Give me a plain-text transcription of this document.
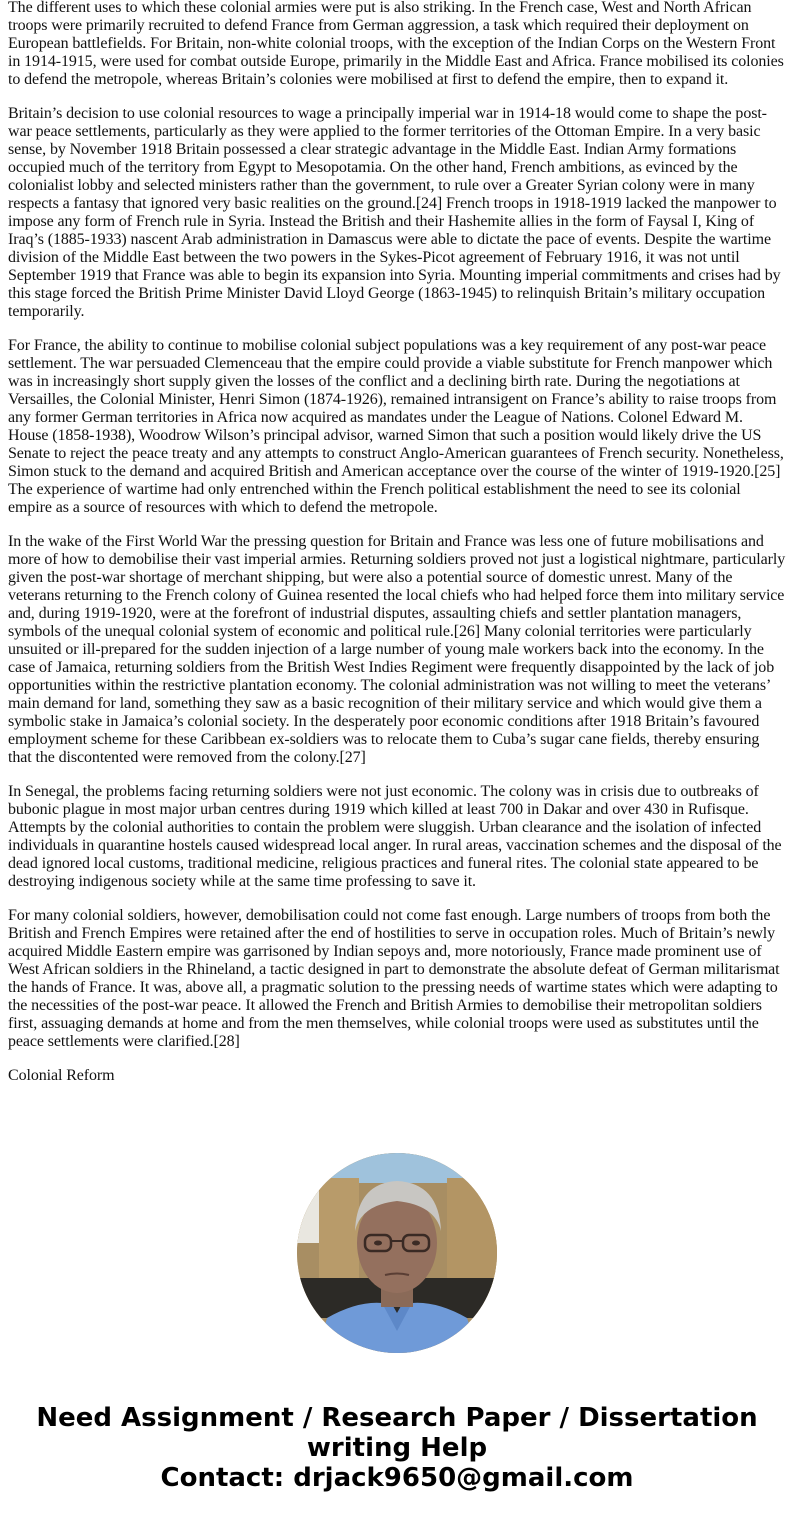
The different uses to which these colonial armies were put is also striking. In the French case, West and North African troops were primarily recruited to defend France from German aggression, a task which required their deployment on European battlefields. For Britain, non-white colonial troops, with the exception of the Indian Corps on the Western Front in 1914-1915, were used for combat outside Europe, primarily in the Middle East and Africa. France mobilised its colonies to defend the metropole, whereas Britain’s colonies were mobilised at first to defend the empire, then to expand it.

Britain’s decision to use colonial resources to wage a principally imperial war in 1914-18 would come to shape the post-war peace settlements, particularly as they were applied to the former territories of the Ottoman Empire. In a very basic sense, by November 1918 Britain possessed a clear strategic advantage in the Middle East. Indian Army formations occupied much of the territory from Egypt to Mesopotamia. On the other hand, French ambitions, as evinced by the colonialist lobby and selected ministers rather than the government, to rule over a Greater Syrian colony were in many respects a fantasy that ignored very basic realities on the ground.[24] French troops in 1918-1919 lacked the manpower to impose any form of French rule in Syria. Instead the British and their Hashemite allies in the form of Faysal I, King of Iraq’s (1885-1933) nascent Arab administration in Damascus were able to dictate the pace of events. Despite the wartime division of the Middle East between the two powers in the Sykes-Picot agreement of February 1916, it was not until September 1919 that France was able to begin its expansion into Syria. Mounting imperial commitments and crises had by this stage forced the British Prime Minister David Lloyd George (1863-1945) to relinquish Britain’s military occupation temporarily.

For France, the ability to continue to mobilise colonial subject populations was a key requirement of any post-war peace settlement. The war persuaded Clemenceau that the empire could provide a viable substitute for French manpower which was in increasingly short supply given the losses of the conflict and a declining birth rate. During the negotiations at Versailles, the Colonial Minister, Henri Simon (1874-1926), remained intransigent on France’s ability to raise troops from any former German territories in Africa now acquired as mandates under the League of Nations. Colonel Edward M. House (1858-1938), Woodrow Wilson’s principal advisor, warned Simon that such a position would likely drive the US Senate to reject the peace treaty and any attempts to construct Anglo-American guarantees of French security. Nonetheless, Simon stuck to the demand and acquired British and American acceptance over the course of the winter of 1919-1920.[25] The experience of wartime had only entrenched within the French political establishment the need to see its colonial empire as a source of resources with which to defend the metropole.

In the wake of the First World War the pressing question for Britain and France was less one of future mobilisations and more of how to demobilise their vast imperial armies. Returning soldiers proved not just a logistical nightmare, particularly given the post-war shortage of merchant shipping, but were also a potential source of domestic unrest. Many of the veterans returning to the French colony of Guinea resented the local chiefs who had helped force them into military service and, during 1919-1920, were at the forefront of industrial disputes, assaulting chiefs and settler plantation managers, symbols of the unequal colonial system of economic and political rule.[26] Many colonial territories were particularly unsuited or ill-prepared for the sudden injection of a large number of young male workers back into the economy. In the case of Jamaica, returning soldiers from the British West Indies Regiment were frequently disappointed by the lack of job opportunities within the restrictive plantation economy. The colonial administration was not willing to meet the veterans’ main demand for land, something they saw as a basic recognition of their military service and which would give them a symbolic stake in Jamaica’s colonial society. In the desperately poor economic conditions after 1918 Britain’s favoured employment scheme for these Caribbean ex-soldiers was to relocate them to Cuba’s sugar cane fields, thereby ensuring that the discontented were removed from the colony.[27]

In Senegal, the problems facing returning soldiers were not just economic. The colony was in crisis due to outbreaks of bubonic plague in most major urban centres during 1919 which killed at least 700 in Dakar and over 430 in Rufisque. Attempts by the colonial authorities to contain the problem were sluggish. Urban clearance and the isolation of infected individuals in quarantine hostels caused widespread local anger. In rural areas, vaccination schemes and the disposal of the dead ignored local customs, traditional medicine, religious practices and funeral rites. The colonial state appeared to be destroying indigenous society while at the same time professing to save it.

For many colonial soldiers, however, demobilisation could not come fast enough. Large numbers of troops from both the British and French Empires were retained after the end of hostilities to serve in occupation roles. Much of Britain’s newly acquired Middle Eastern empire was garrisoned by Indian sepoys and, more notoriously, France made prominent use of West African soldiers in the Rhineland, a tactic designed in part to demonstrate the absolute defeat of German militarismat the hands of France. It was, above all, a pragmatic solution to the pressing needs of wartime states which were adapting to the necessities of the post-war peace. It allowed the French and British Armies to demobilise their metropolitan soldiers first, assuaging demands at home and from the men themselves, while colonial troops were used as substitutes until the peace settlements were clarified.[28]

Colonial Reform

Need Assignment / Research Paper / Dissertation
writing Help
Contact: drjack9650@gmail.com
